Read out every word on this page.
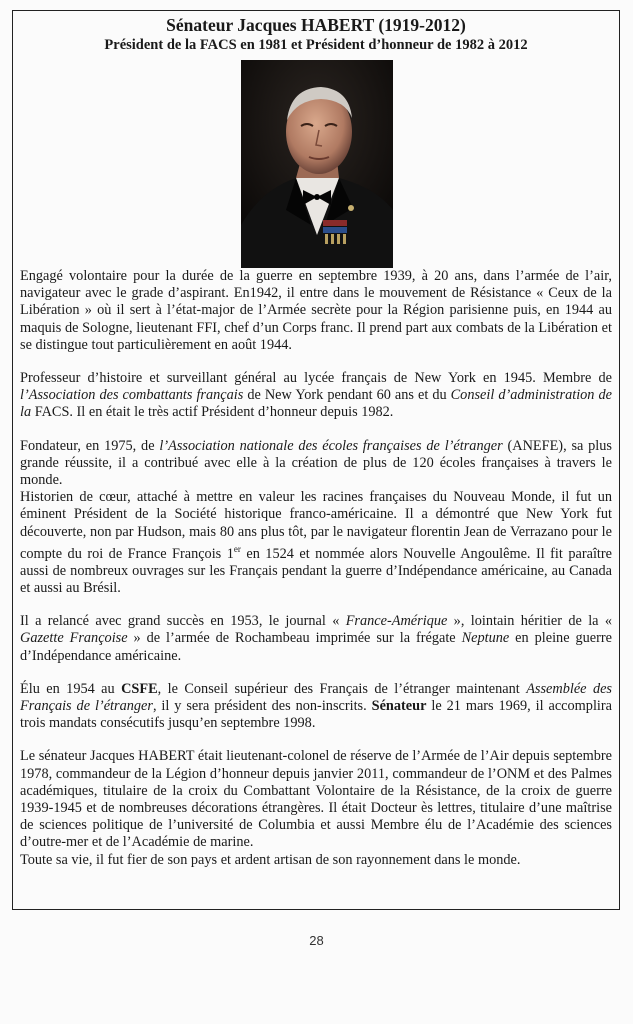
Sénateur Jacques HABERT (1919-2012)
Président de la FACS en 1981 et Président d’honneur de 1982 à 2012

Engagé volontaire pour la durée de la guerre en septembre 1939, à 20 ans, dans l’armée de l’air, navigateur avec le grade d’aspirant. En1942, il entre dans le mouvement de Résistance « Ceux de la Libération » où il sert à l’état-major de l’Armée secrète pour la Région parisienne puis, en 1944 au maquis de Sologne, lieutenant FFI, chef d’un Corps franc. Il prend part aux combats de la Libération et se distingue tout particulièrement en août 1944.

Professeur d’histoire et surveillant général au lycée français de New York en 1945. Membre de l’Association des combattants français de New York pendant 60 ans et du Conseil d’administration de la FACS. Il en était le très actif Président d’honneur depuis 1982.

Fondateur, en 1975, de l’Association nationale des écoles françaises de l’étranger (ANEFE), sa plus grande réussite, il a contribué avec elle à la création de plus de 120 écoles françaises à travers le monde.

Historien de cœur, attaché à mettre en valeur les racines françaises du Nouveau Monde, il fut un éminent Président de la Société historique franco-américaine. Il a démontré que New York fut découverte, non par Hudson, mais 80 ans plus tôt, par le navigateur florentin Jean de Verrazano pour le compte du roi de France François 1er en 1524 et nommée alors Nouvelle Angoulême. Il fit paraître aussi de nombreux ouvrages sur les Français pendant la guerre d’Indépendance américaine, au Canada et aussi au Brésil.

Il a relancé avec grand succès en 1953, le journal « France-Amérique », lointain héritier de la « Gazette Françoise » de l’armée de Rochambeau imprimée sur la frégate Neptune en pleine guerre d’Indépendance américaine.

Élu en 1954 au CSFE, le Conseil supérieur des Français de l’étranger maintenant Assemblée des Français de l’étranger, il y sera président des non-inscrits. Sénateur le 21 mars 1969, il accomplira trois mandats consécutifs jusqu’en septembre 1998.

Le sénateur Jacques HABERT était lieutenant-colonel de réserve de l’Armée de l’Air depuis septembre 1978, commandeur de la Légion d’honneur depuis janvier 2011, commandeur de l’ONM et des Palmes académiques, titulaire de la croix du Combattant Volontaire de la Résistance, de la croix de guerre 1939-1945 et de nombreuses décorations étrangères. Il était Docteur ès lettres, titulaire d’une maîtrise de sciences politique de l’université de Columbia et aussi Membre élu de l’Académie des sciences d’outre-mer et de l’Académie de marine.

Toute sa vie, il fut fier de son pays et ardent artisan de son rayonnement dans le monde.

28
